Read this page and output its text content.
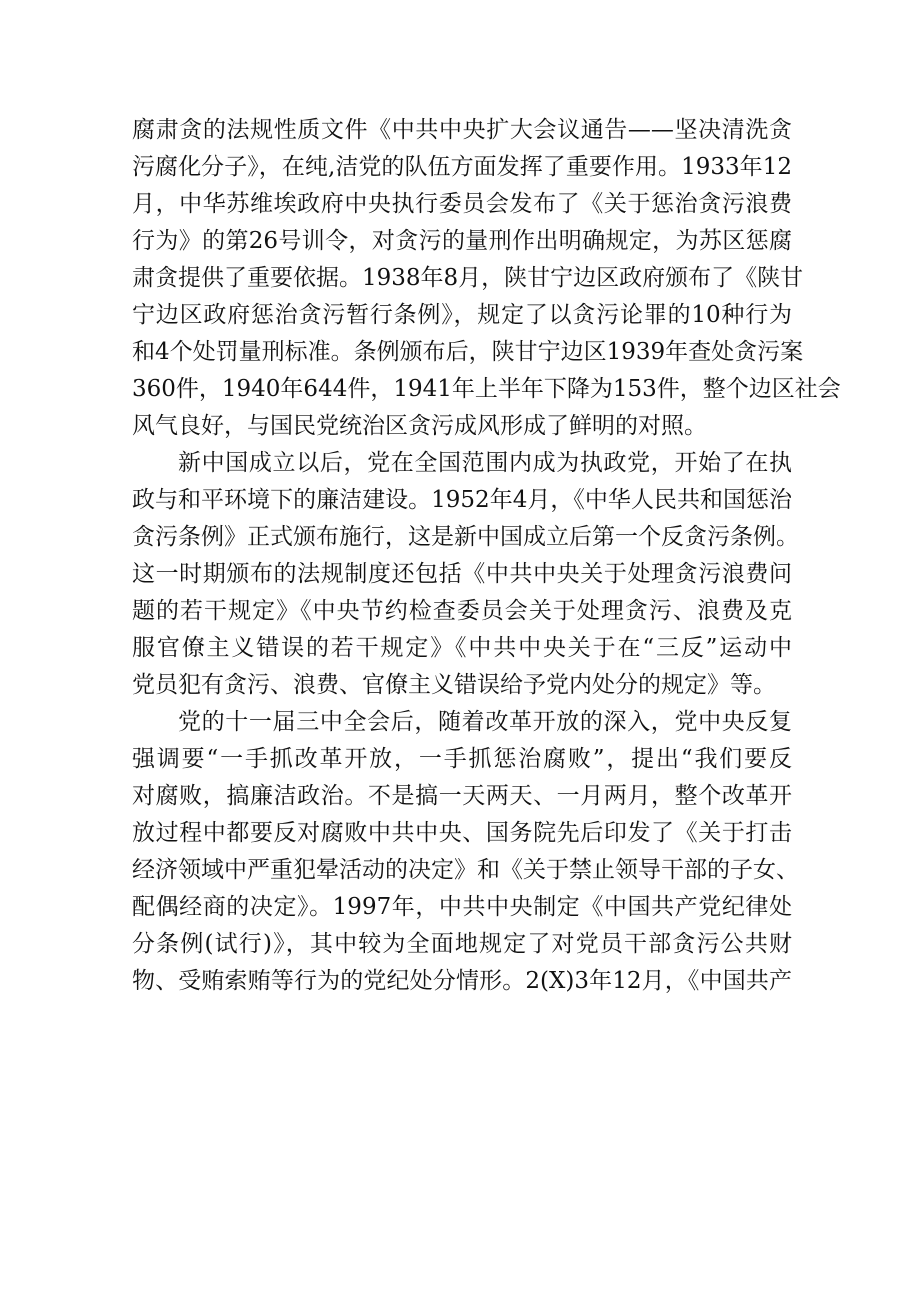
腐肃贪的法规性质文件《中共中央扩大会议通告——坚决清洗贪
污腐化分子》，在纯,洁党的队伍方面发挥了重要作用。1933年12
月，中华苏维埃政府中央执行委员会发布了《关于惩治贪污浪费
行为》的第26号训令，对贪污的量刑作出明确规定，为苏区惩腐
肃贪提供了重要依据。1938年8月，陕甘宁边区政府颁布了《陕甘
宁边区政府惩治贪污暂行条例》，规定了以贪污论罪的10种行为
和4个处罚量刑标准。条例颁布后，陕甘宁边区1939年查处贪污案
360件，1940年644件，1941年上半年下降为153件，整个边区社会
风气良好，与国民党统治区贪污成风形成了鲜明的对照。
新中国成立以后，党在全国范围内成为执政党，开始了在执
政与和平环境下的廉洁建设。1952年4月，《中华人民共和国惩治
贪污条例》正式颁布施行，这是新中国成立后第一个反贪污条例。
这一时期颁布的法规制度还包括《中共中央关于处理贪污浪费问
题的若干规定》《中央节约检查委员会关于处理贪污、浪费及克
服官僚主义错误的若干规定》《中共中央关于在“三反”运动中
党员犯有贪污、浪费、官僚主义错误给予党内处分的规定》等。
党的十一届三中全会后，随着改革开放的深入，党中央反复
强调要“一手抓改革开放，一手抓惩治腐败”，提出“我们要反
对腐败，搞廉洁政治。不是搞一天两天、一月两月，整个改革开
放过程中都要反对腐败中共中央、国务院先后印发了《关于打击
经济领域中严重犯晕活动的决定》和《关于禁止领导干部的子女、
配偶经商的决定》。1997年，中共中央制定《中国共产党纪律处
分条例(试行)》，其中较为全面地规定了对党员干部贪污公共财
物、受贿索贿等行为的党纪处分情形。2(X)3年12月，《中国共产
